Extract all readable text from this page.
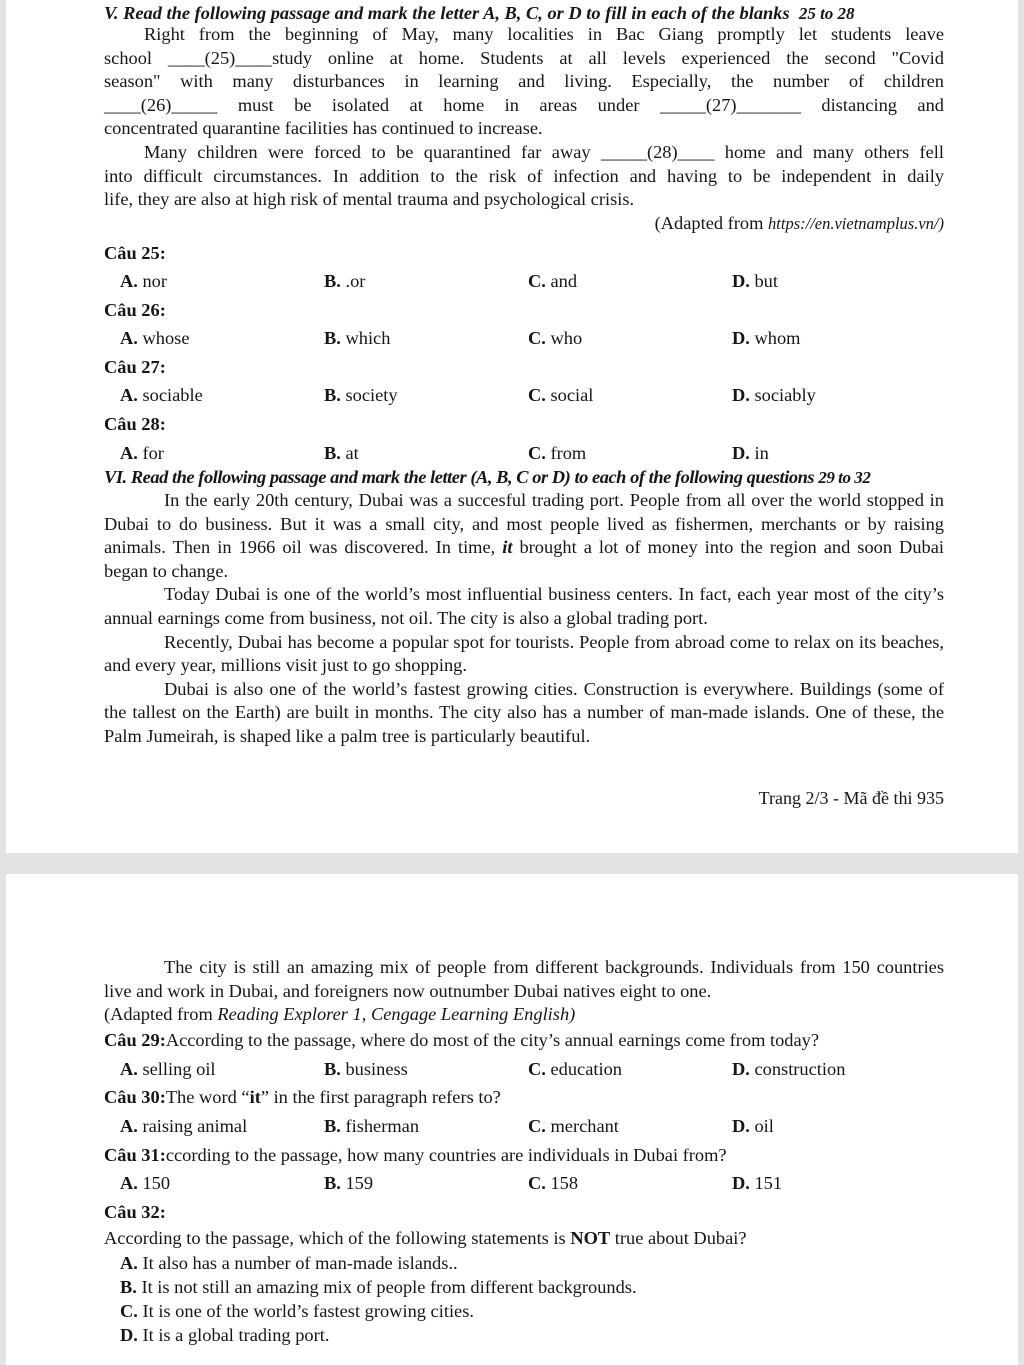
V. Read the following passage and mark the letter A, B, C, or D to fill in each of the blanks 25 to 28
Right from the beginning of May, many localities in Bac Giang promptly let students leave
school ____(25)____study online at home. Students at all levels experienced the second "Covid
season" with many disturbances in learning and living. Especially, the number of children
____(26)_____ must be isolated at home in areas under _____(27)_______ distancing and
concentrated quarantine facilities has continued to increase.
Many children were forced to be quarantined far away _____(28)____ home and many others fell
into difficult circumstances. In addition to the risk of infection and having to be independent in daily
life, they are also at high risk of mental trauma and psychological crisis.
(Adapted from https://en.vietnamplus.vn/)
Câu 25:
A. nor	B. .or	C. and	D. but
Câu 26:
A. whose	B. which	C. who	D. whom
Câu 27:
A. sociable	B. society	C. social	D. sociably
Câu 28:
A. for	B. at	C. from	D. in
VI. Read the following passage and mark the letter (A, B, C or D) to each of the following questions 29 to 32

In the early 20th century, Dubai was a succesful trading port. People from all over the world stopped in Dubai to do business. But it was a small city, and most people lived as fishermen, merchants or by raising animals. Then in 1966 oil was discovered. In time, it brought a lot of money into the region and soon Dubai began to change.

Today Dubai is one of the world’s most influential business centers. In fact, each year most of the city’s annual earnings come from business, not oil. The city is also a global trading port.

Recently, Dubai has become a popular spot for tourists. People from abroad come to relax on its beaches, and every year, millions visit just to go shopping.

Dubai is also one of the world’s fastest growing cities. Construction is everywhere. Buildings (some of the tallest on the Earth) are built in months. The city also has a number of man-made islands. One of these, the Palm Jumeirah, is shaped like a palm tree is particularly beautiful.

Trang 2/3 - Mã đề thi 935

The city is still an amazing mix of people from different backgrounds. Individuals from 150 countries live and work in Dubai, and foreigners now outnumber Dubai natives eight to one.

(Adapted from Reading Explorer 1, Cengage Learning English)
Câu 29: According to the passage, where do most of the city’s annual earnings come from today?
A. selling oil	B. business	C. education	D. construction
Câu 30: The word “ it ” in the first paragraph refers to?
A. raising animal	B. fisherman	C. merchant	D. oil
Câu 31: ccording to the passage, how many countries are individuals in Dubai from?
A. 150	B. 159	C. 158	D. 151
Câu 32:
According to the passage, which of the following statements is NOT true about Dubai?
A. It also has a number of man-made islands..
B. It is not still an amazing mix of people from different backgrounds.
C. It is one of the world’s fastest growing cities.
D. It is a global trading port.
